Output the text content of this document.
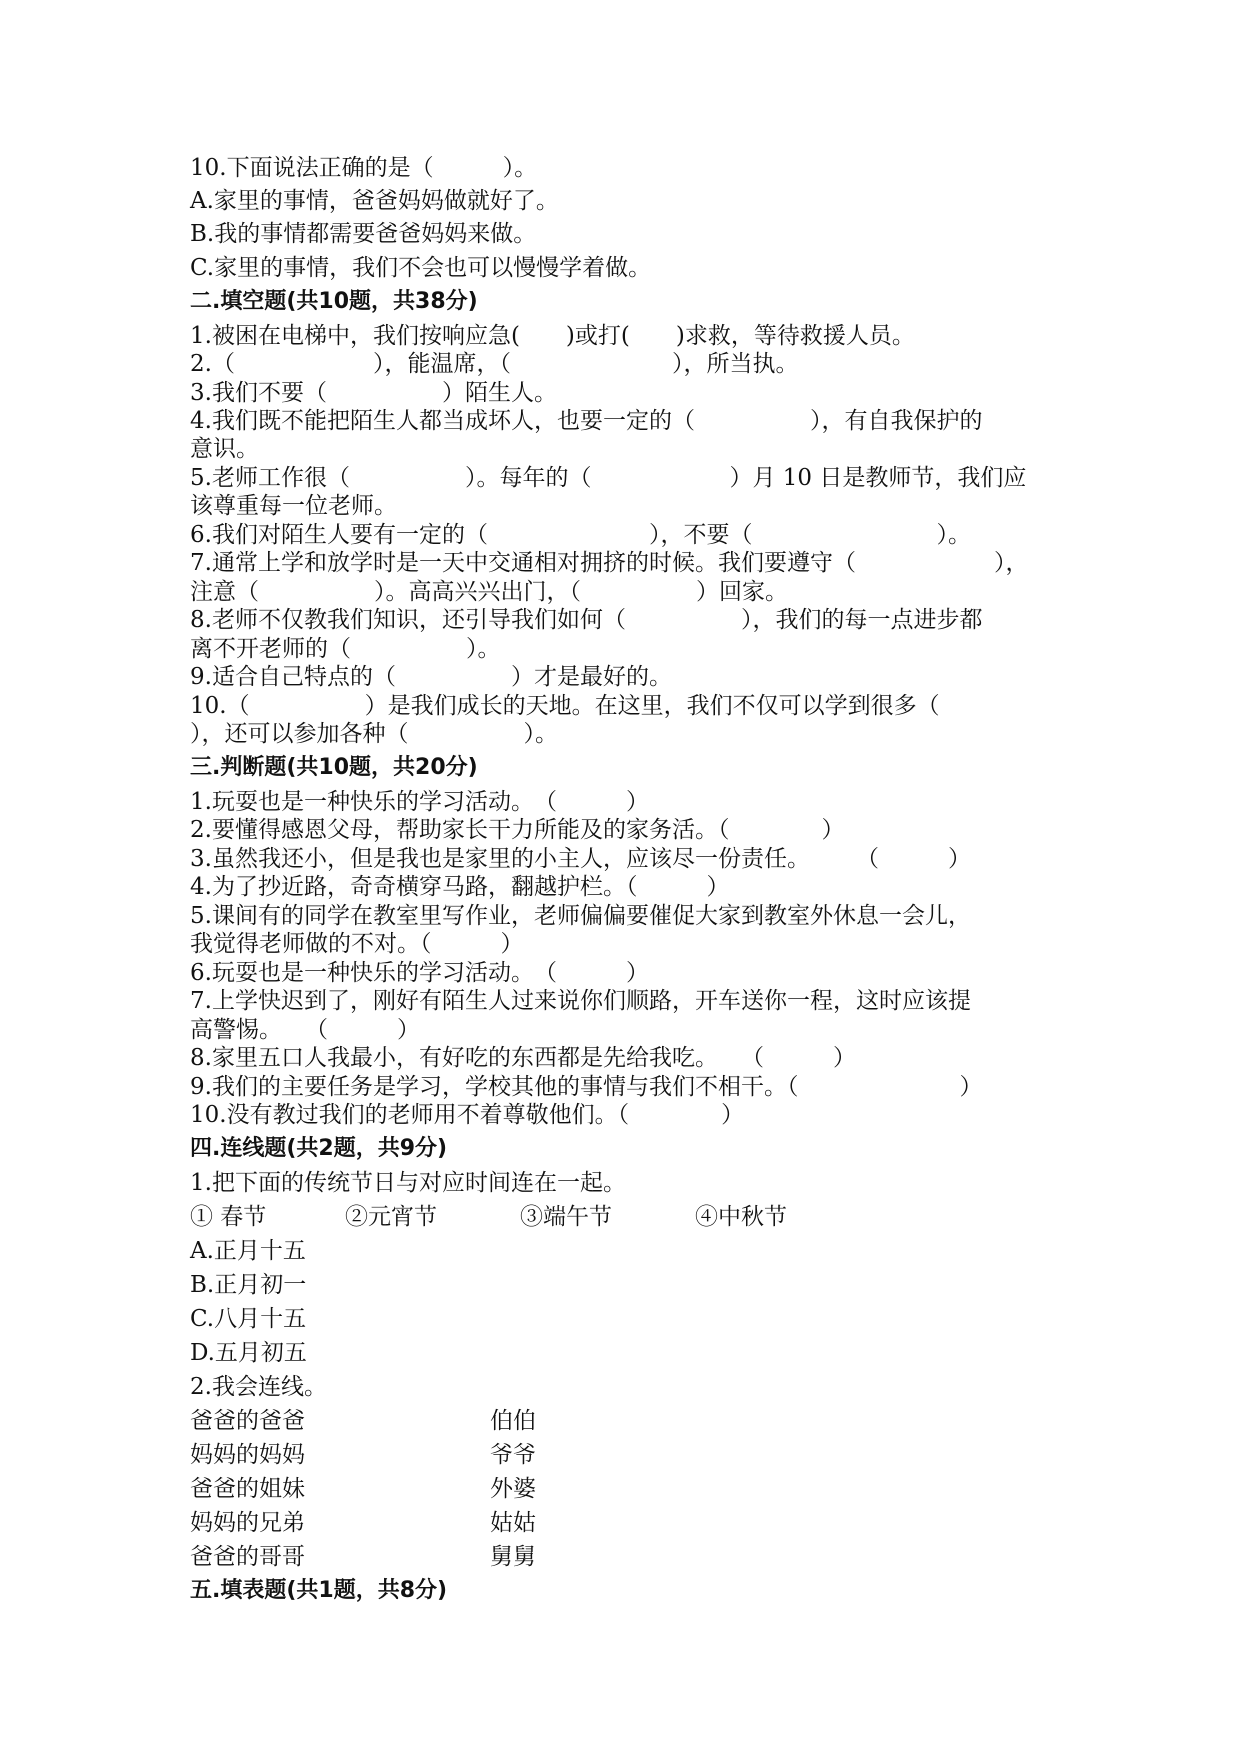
10.下面说法正确的是（　　　）。
A.家里的事情，爸爸妈妈做就好了。
B.我的事情都需要爸爸妈妈来做。
C.家里的事情，我们不会也可以慢慢学着做。
二.填空题(共10题，共38分)
1.被困在电梯中，我们按响应急(　　)或打(　　)求救，等待救援人员。
2.（　　　　　　），能温席，（　　　　　　　），所当执。
3.我们不要（　　　　　）陌生人。
4.我们既不能把陌生人都当成坏人，也要一定的（　　　　　），有自我保护的
意识。
5.老师工作很（　　　　　）。每年的（　　　　　　）月 10 日是教师节，我们应
该尊重每一位老师。
6.我们对陌生人要有一定的（　　　　　　　），不要（　　　　　　　　）。
7.通常上学和放学时是一天中交通相对拥挤的时候。我们要遵守（　　　　　　），
注意（　　　　　）。高高兴兴出门，（　　　　　）回家。
8.老师不仅教我们知识，还引导我们如何（　　　　　），我们的每一点进步都
离不开老师的（　　　　　）。
9.适合自己特点的（　　　　　）才是最好的。
10.（　　　　　）是我们成长的天地。在这里，我们不仅可以学到很多（
），还可以参加各种（　　　　　）。
三.判断题(共10题，共20分)
1.玩耍也是一种快乐的学习活动。　（　　　）
2.要懂得感恩父母，帮助家长干力所能及的家务活。（　　　　）
3.虽然我还小，但是我也是家里的小主人，应该尽一份责任。　　　（　　　）
4.为了抄近路，奇奇横穿马路，翻越护栏。（　　　）
5.课间有的同学在教室里写作业，老师偏偏要催促大家到教室外休息一会儿，
我觉得老师做的不对。（　　　）
6.玩耍也是一种快乐的学习活动。　（　　　）
7.上学快迟到了，刚好有陌生人过来说你们顺路，开车送你一程，这时应该提
高警惕。　　（　　　）
8.家里五口人我最小，有好吃的东西都是先给我吃。　　（　　　）
9.我们的主要任务是学习，学校其他的事情与我们不相干。（　　　　　　　）
10.没有教过我们的老师用不着尊敬他们。（　　　　）
四.连线题(共2题，共9分)
1.把下面的传统节日与对应时间连在一起。
① 春节	②元宵节	③端午节	④中秋节
A.正月十五
B.正月初一
C.八月十五
D.五月初五
2.我会连线。
爸爸的爸爸	伯伯
妈妈的妈妈	爷爷
爸爸的姐妹	外婆
妈妈的兄弟	姑姑
爸爸的哥哥	舅舅
五.填表题(共1题，共8分)
